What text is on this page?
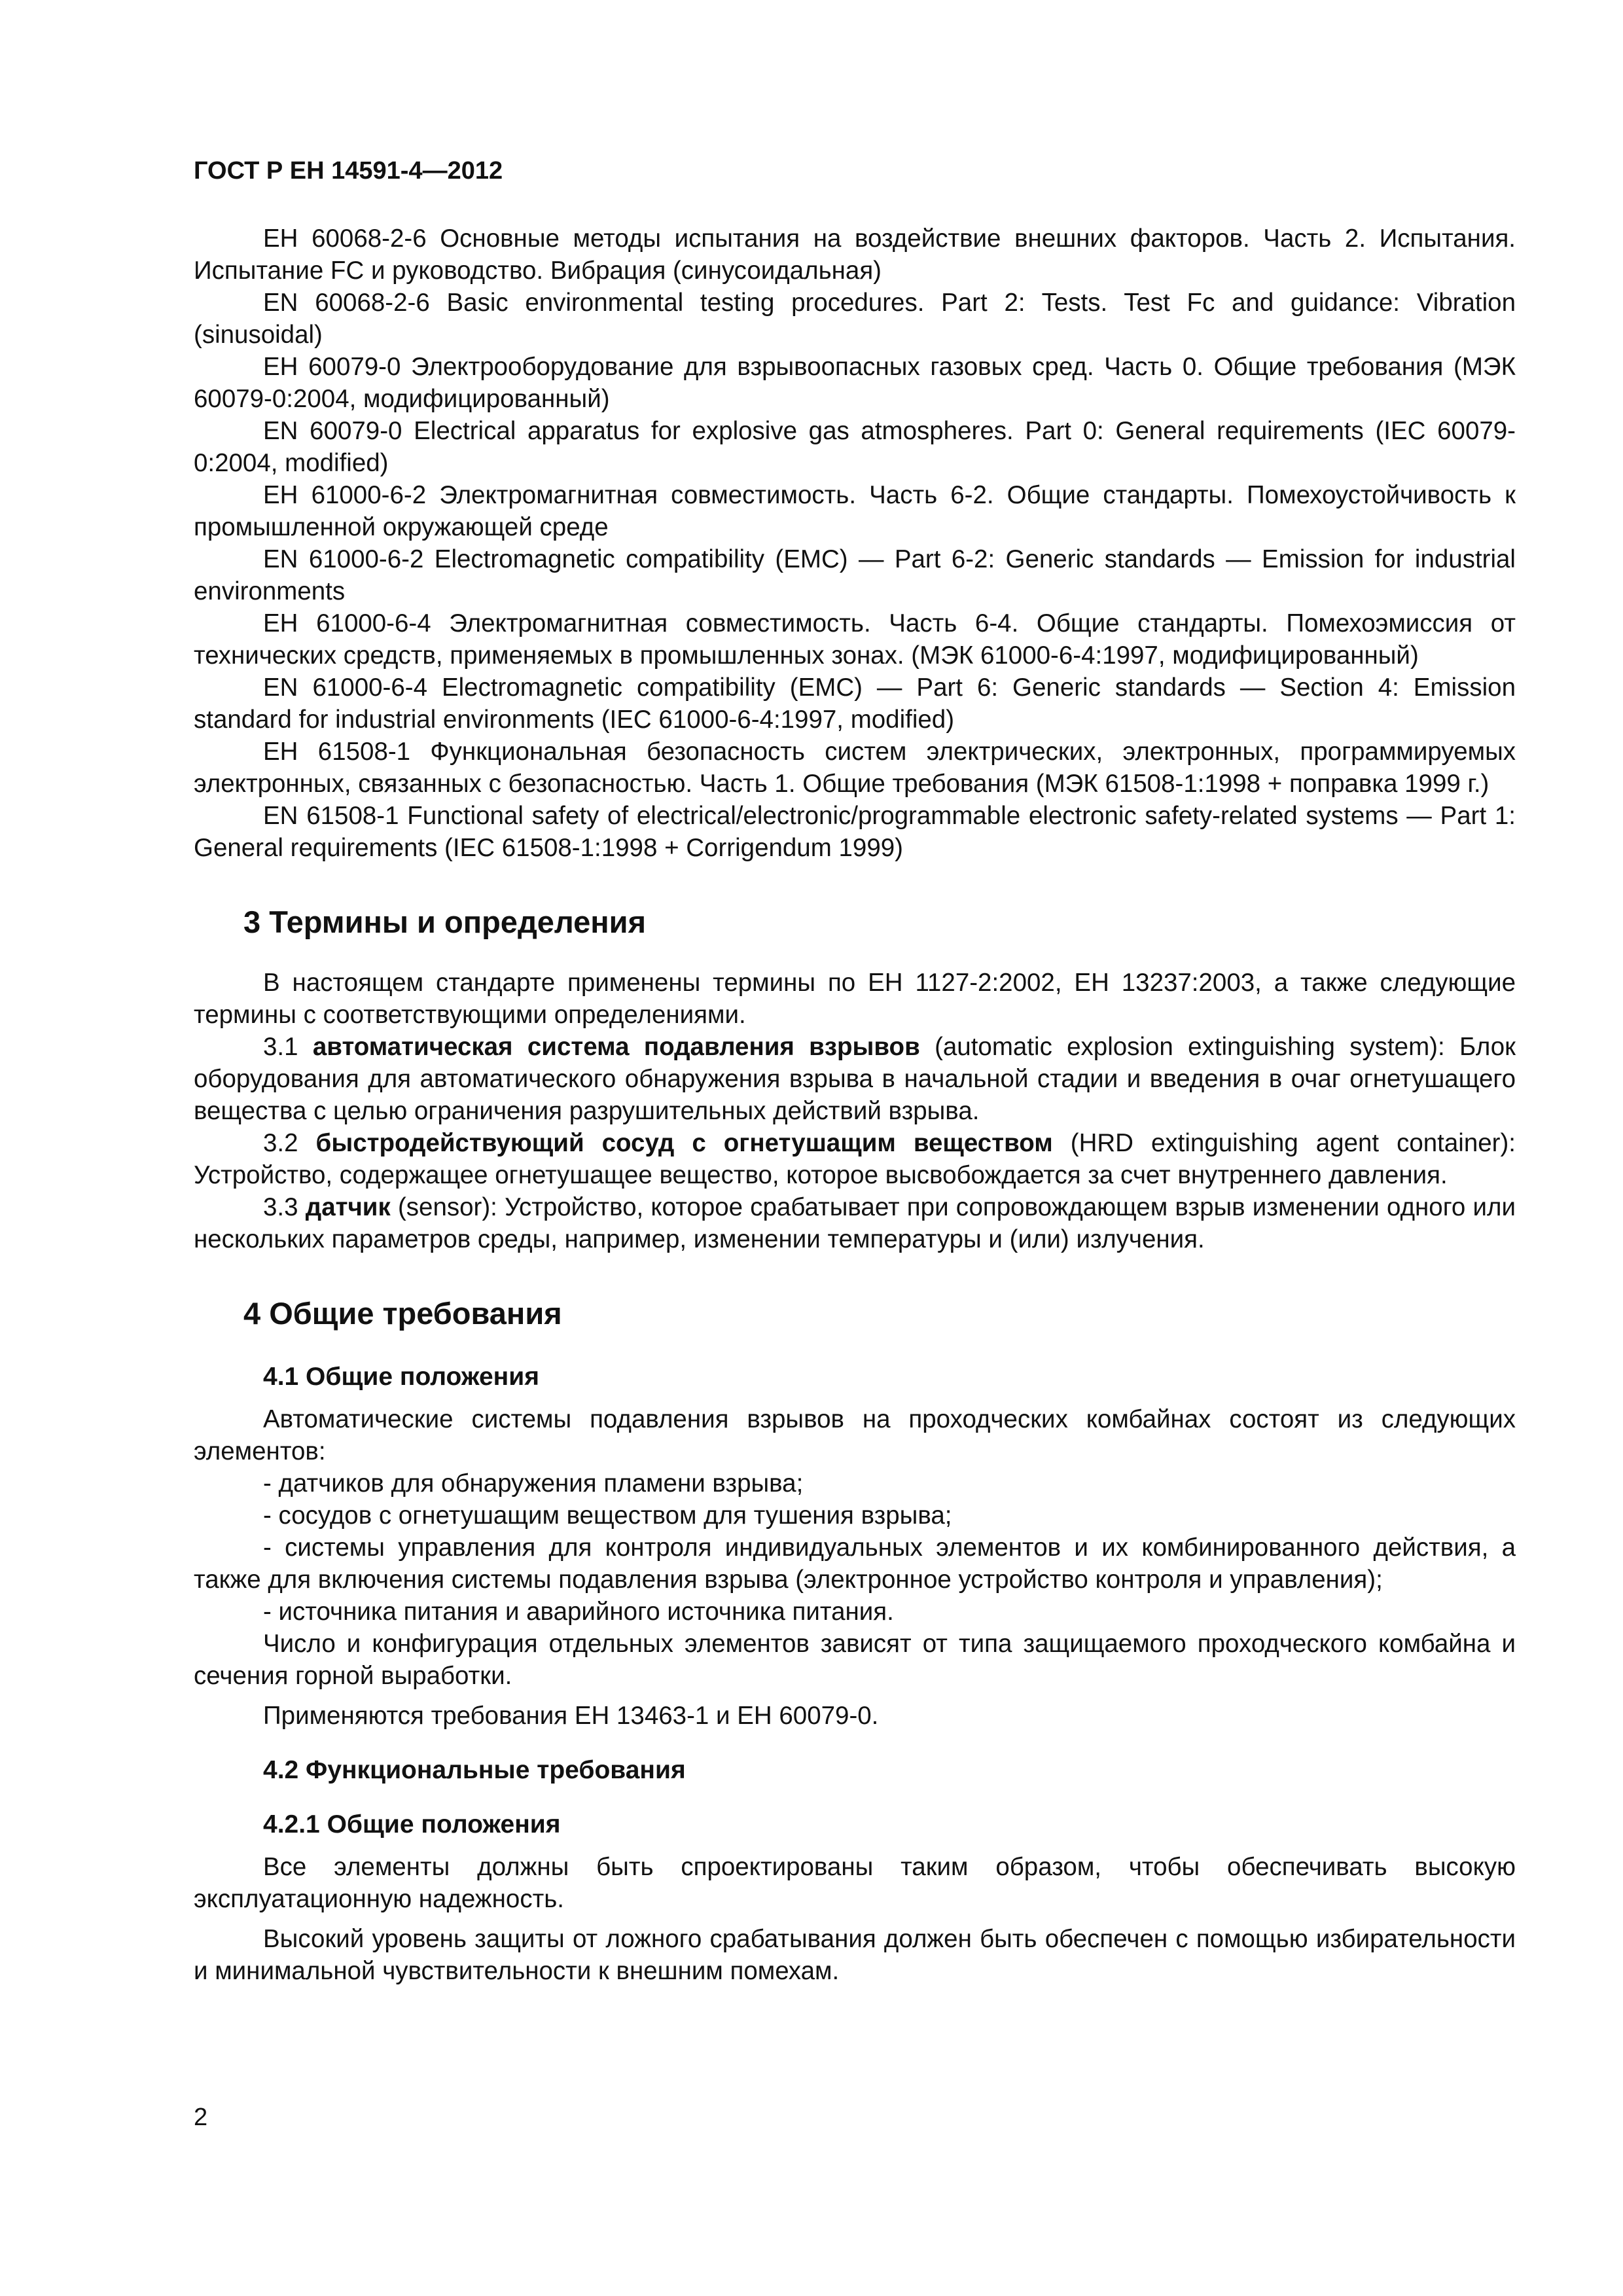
ГОСТ Р ЕН 14591-4—2012

ЕН 60068-2-6 Основные методы испытания на воздействие внешних факторов. Часть 2. Испытания. Испытание FC и руководство. Вибрация (синусоидальная)

EN 60068-2-6 Basic environmental testing procedures. Part 2: Tests. Test Fc and guidance: Vibration (sinusoidal)

ЕН 60079-0 Электрооборудование для взрывоопасных газовых сред. Часть 0. Общие требования (МЭК 60079-0:2004, модифицированный)

EN 60079-0 Electrical apparatus for explosive gas atmospheres. Part 0: General requirements (IEC 60079-0:2004, modified)

ЕН 61000-6-2 Электромагнитная совместимость. Часть 6-2. Общие стандарты. Помехоустойчивость к промышленной окружающей среде

EN 61000-6-2 Electromagnetic compatibility (EMC) — Part 6-2: Generic standards — Emission for industrial environments

ЕН 61000-6-4 Электромагнитная совместимость. Часть 6-4. Общие стандарты. Помехоэмиссия от технических средств, применяемых в промышленных зонах. (МЭК 61000-6-4:1997, модифицированный)

EN 61000-6-4 Electromagnetic compatibility (EMC) — Part 6: Generic standards — Section 4: Emission standard for industrial environments (IEC 61000-6-4:1997, modified)

ЕН 61508-1 Функциональная безопасность систем электрических, электронных, программируемых электронных, связанных с безопасностью. Часть 1. Общие требования (МЭК 61508-1:1998 + поправка 1999 г.)

EN 61508-1 Functional safety of electrical/electronic/programmable electronic safety-related systems — Part 1: General requirements (IEC 61508-1:1998 + Corrigendum 1999)

3 Термины и определения

В настоящем стандарте применены термины по ЕН 1127-2:2002, ЕН 13237:2003, а также следующие термины с соответствующими определениями.

3.1 автоматическая система подавления взрывов (automatic explosion extinguishing system): Блок оборудования для автоматического обнаружения взрыва в начальной стадии и введения в очаг огнетушащего вещества с целью ограничения разрушительных действий взрыва.

3.2 быстродействующий сосуд с огнетушащим веществом (HRD extinguishing agent container): Устройство, содержащее огнетушащее вещество, которое высвобождается за счет внутреннего давления.

3.3 датчик (sensor): Устройство, которое срабатывает при сопровождающем взрыв изменении одного или нескольких параметров среды, например, изменении температуры и (или) излучения.

4 Общие требования
4.1 Общие положения

Автоматические системы подавления взрывов на проходческих комбайнах состоят из следующих элементов:

- датчиков для обнаружения пламени взрыва;

- сосудов с огнетушащим веществом для тушения взрыва;

- системы управления для контроля индивидуальных элементов и их комбинированного действия, а также для включения системы подавления взрыва (электронное устройство контроля и управления);

- источника питания и аварийного источника питания.

Число и конфигурация отдельных элементов зависят от типа защищаемого проходческого комбайна и сечения горной выработки.

Применяются требования ЕН 13463-1 и ЕН 60079-0.

4.2 Функциональные требования
4.2.1 Общие положения

Все элементы должны быть спроектированы таким образом, чтобы обеспечивать высокую эксплуатационную надежность.

Высокий уровень защиты от ложного срабатывания должен быть обеспечен с помощью избирательности и минимальной чувствительности к внешним помехам.

2
